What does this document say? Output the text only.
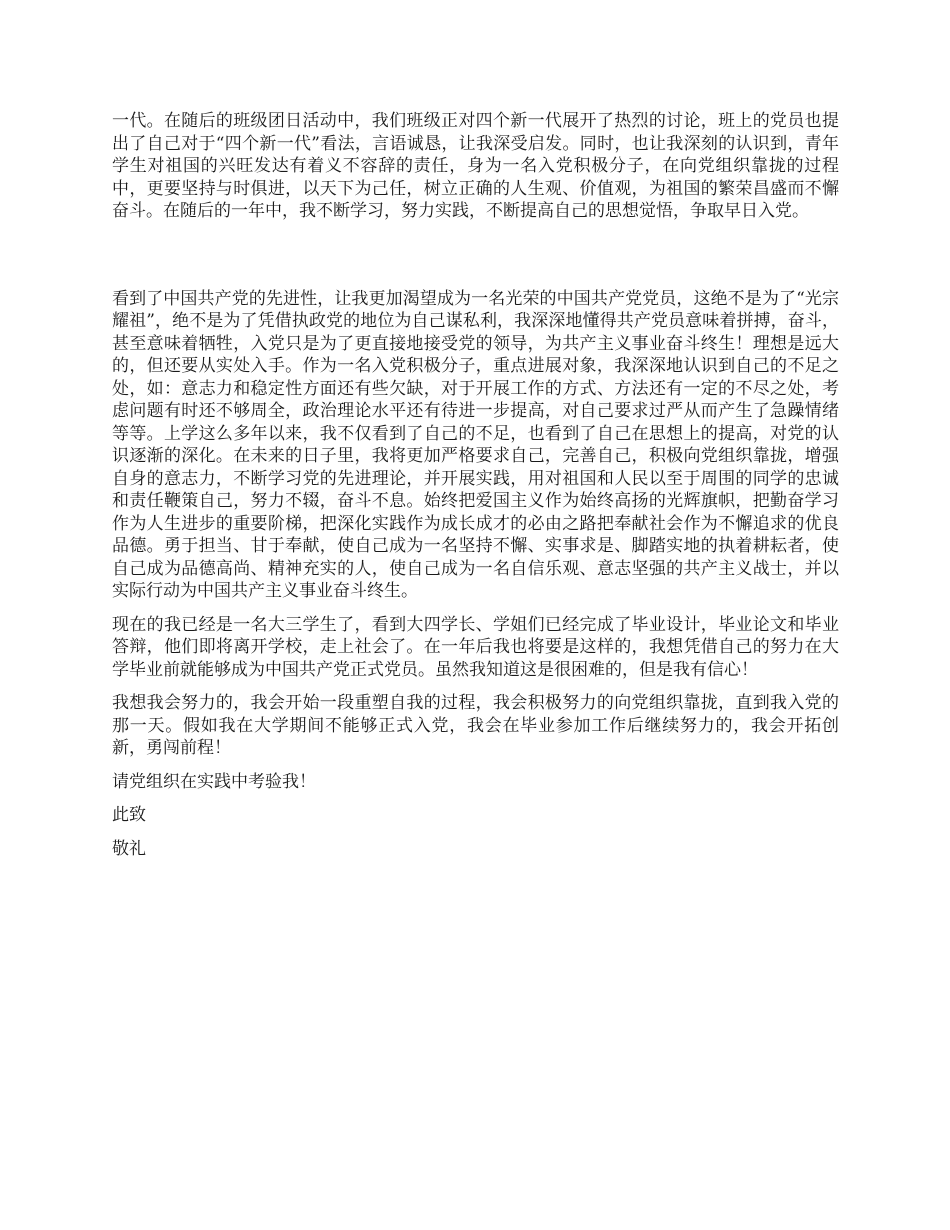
一代。在随后的班级团日活动中，我们班级正对四个新一代展开了热烈的讨论，班上的党员也提出了自己对于“四个新一代”看法，言语诚恳，让我深受启发。同时，也让我深刻的认识到，青年学生对祖国的兴旺发达有着义不容辞的责任，身为一名入党积极分子，在向党组织靠拢的过程中，更要坚持与时俱进，以天下为己任，树立正确的人生观、价值观，为祖国的繁荣昌盛而不懈奋斗。在随后的一年中，我不断学习，努力实践，不断提高自己的思想觉悟，争取早日入党。

看到了中国共产党的先进性，让我更加渴望成为一名光荣的中国共产党党员，这绝不是为了“光宗耀祖”，绝不是为了凭借执政党的地位为自己谋私利，我深深地懂得共产党员意味着拼搏，奋斗，甚至意味着牺牲，入党只是为了更直接地接受党的领导，为共产主义事业奋斗终生！理想是远大的，但还要从实处入手。作为一名入党积极分子，重点进展对象，我深深地认识到自己的不足之处，如：意志力和稳定性方面还有些欠缺，对于开展工作的方式、方法还有一定的不尽之处，考虑问题有时还不够周全，政治理论水平还有待进一步提高，对自己要求过严从而产生了急躁情绪等等。上学这么多年以来，我不仅看到了自己的不足，也看到了自己在思想上的提高，对党的认识逐渐的深化。在未来的日子里，我将更加严格要求自己，完善自己，积极向党组织靠拢，增强自身的意志力，不断学习党的先进理论，并开展实践，用对祖国和人民以至于周围的同学的忠诚和责任鞭策自己，努力不辍，奋斗不息。始终把爱国主义作为始终高扬的光辉旗帜，把勤奋学习作为人生进步的重要阶梯，把深化实践作为成长成才的必由之路把奉献社会作为不懈追求的优良品德。勇于担当、甘于奉献，使自己成为一名坚持不懈、实事求是、脚踏实地的执着耕耘者，使自己成为品德高尚、精神充实的人，使自己成为一名自信乐观、意志坚强的共产主义战士，并以实际行动为中国共产主义事业奋斗终生。

现在的我已经是一名大三学生了，看到大四学长、学姐们已经完成了毕业设计，毕业论文和毕业答辩，他们即将离开学校，走上社会了。在一年后我也将要是这样的，我想凭借自己的努力在大学毕业前就能够成为中国共产党正式党员。虽然我知道这是很困难的，但是我有信心！

我想我会努力的，我会开始一段重塑自我的过程，我会积极努力的向党组织靠拢，直到我入党的那一天。假如我在大学期间不能够正式入党，我会在毕业参加工作后继续努力的，我会开拓创新，勇闯前程！

请党组织在实践中考验我！

此致

敬礼
